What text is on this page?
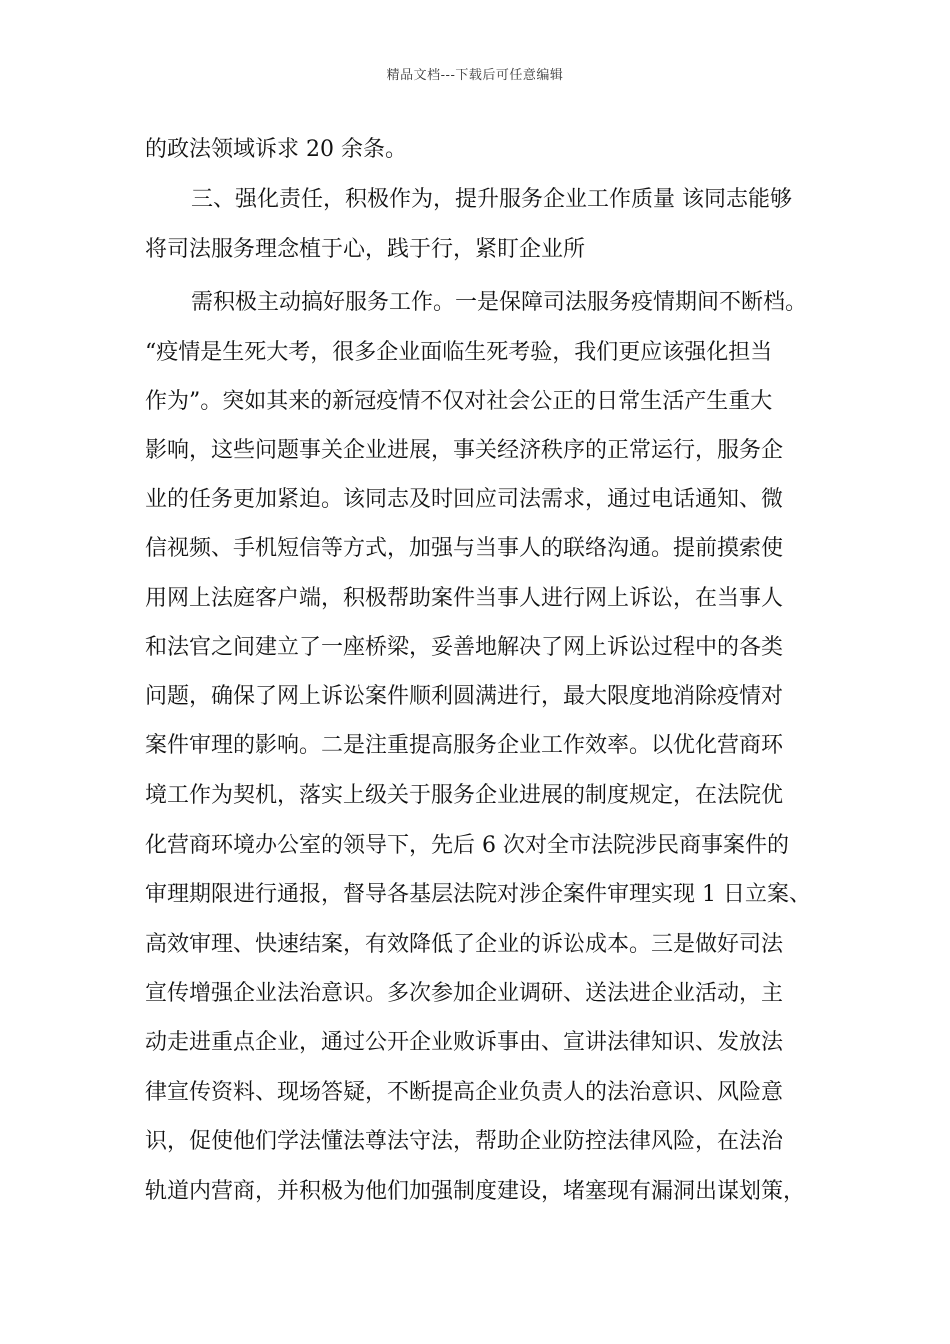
精品文档---下载后可任意编辑
的政法领域诉求 20 余条。
三、强化责任，积极作为，提升服务企业工作质量 该同志能够
将司法服务理念植于心，践于行，紧盯企业所
需积极主动搞好服务工作。一是保障司法服务疫情期间不断档。
“疫情是生死大考，很多企业面临生死考验，我们更应该强化担当
作为”。突如其来的新冠疫情不仅对社会公正的日常生活产生重大
影响，这些问题事关企业进展，事关经济秩序的正常运行，服务企
业的任务更加紧迫。该同志及时回应司法需求，通过电话通知、微
信视频、手机短信等方式，加强与当事人的联络沟通。提前摸索使
用网上法庭客户端，积极帮助案件当事人进行网上诉讼，在当事人
和法官之间建立了一座桥梁，妥善地解决了网上诉讼过程中的各类
问题，确保了网上诉讼案件顺利圆满进行，最大限度地消除疫情对
案件审理的影响。二是注重提高服务企业工作效率。以优化营商环
境工作为契机，落实上级关于服务企业进展的制度规定，在法院优
化营商环境办公室的领导下，先后 6 次对全市法院涉民商事案件的
审理期限进行通报，督导各基层法院对涉企案件审理实现 1 日立案、
高效审理、快速结案，有效降低了企业的诉讼成本。三是做好司法
宣传增强企业法治意识。多次参加企业调研、送法进企业活动，主
动走进重点企业，通过公开企业败诉事由、宣讲法律知识、发放法
律宣传资料、现场答疑，不断提高企业负责人的法治意识、风险意
识，促使他们学法懂法尊法守法，帮助企业防控法律风险，在法治
轨道内营商，并积极为他们加强制度建设，堵塞现有漏洞出谋划策，
